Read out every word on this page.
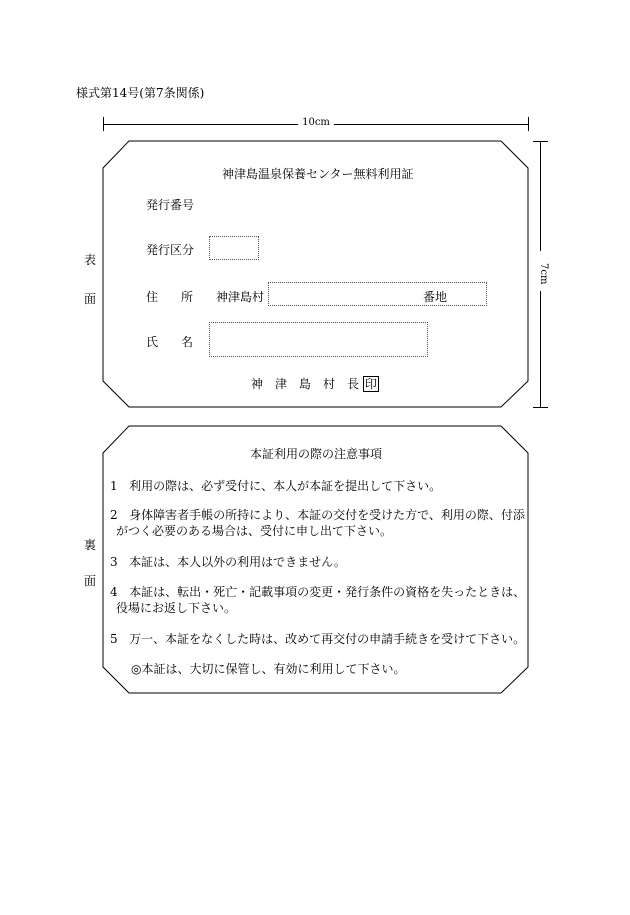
様式第14号(第7条関係)
10cm
7cm
表
面
神津島温泉保養センター無料利用証
発行番号
発行区分
住 所 神津島村	番地
氏 名
神　津　島　村　長 印
裏
面
本証利用の際の注意事項
1 利用の際は、必ず受付に、本人が本証を提出して下さい。
2 身体障害者手帳の所持により、本証の交付を受けた方で、利用の際、付添
がつく必要のある場合は、受付に申し出て下さい。
3 本証は、本人以外の利用はできません。
4 本証は、転出・死亡・記載事項の変更・発行条件の資格を失ったときは、
役場にお返し下さい。
5 万一、本証をなくした時は、改めて再交付の申請手続きを受けて下さい。
◎本証は、大切に保管し、有効に利用して下さい。
